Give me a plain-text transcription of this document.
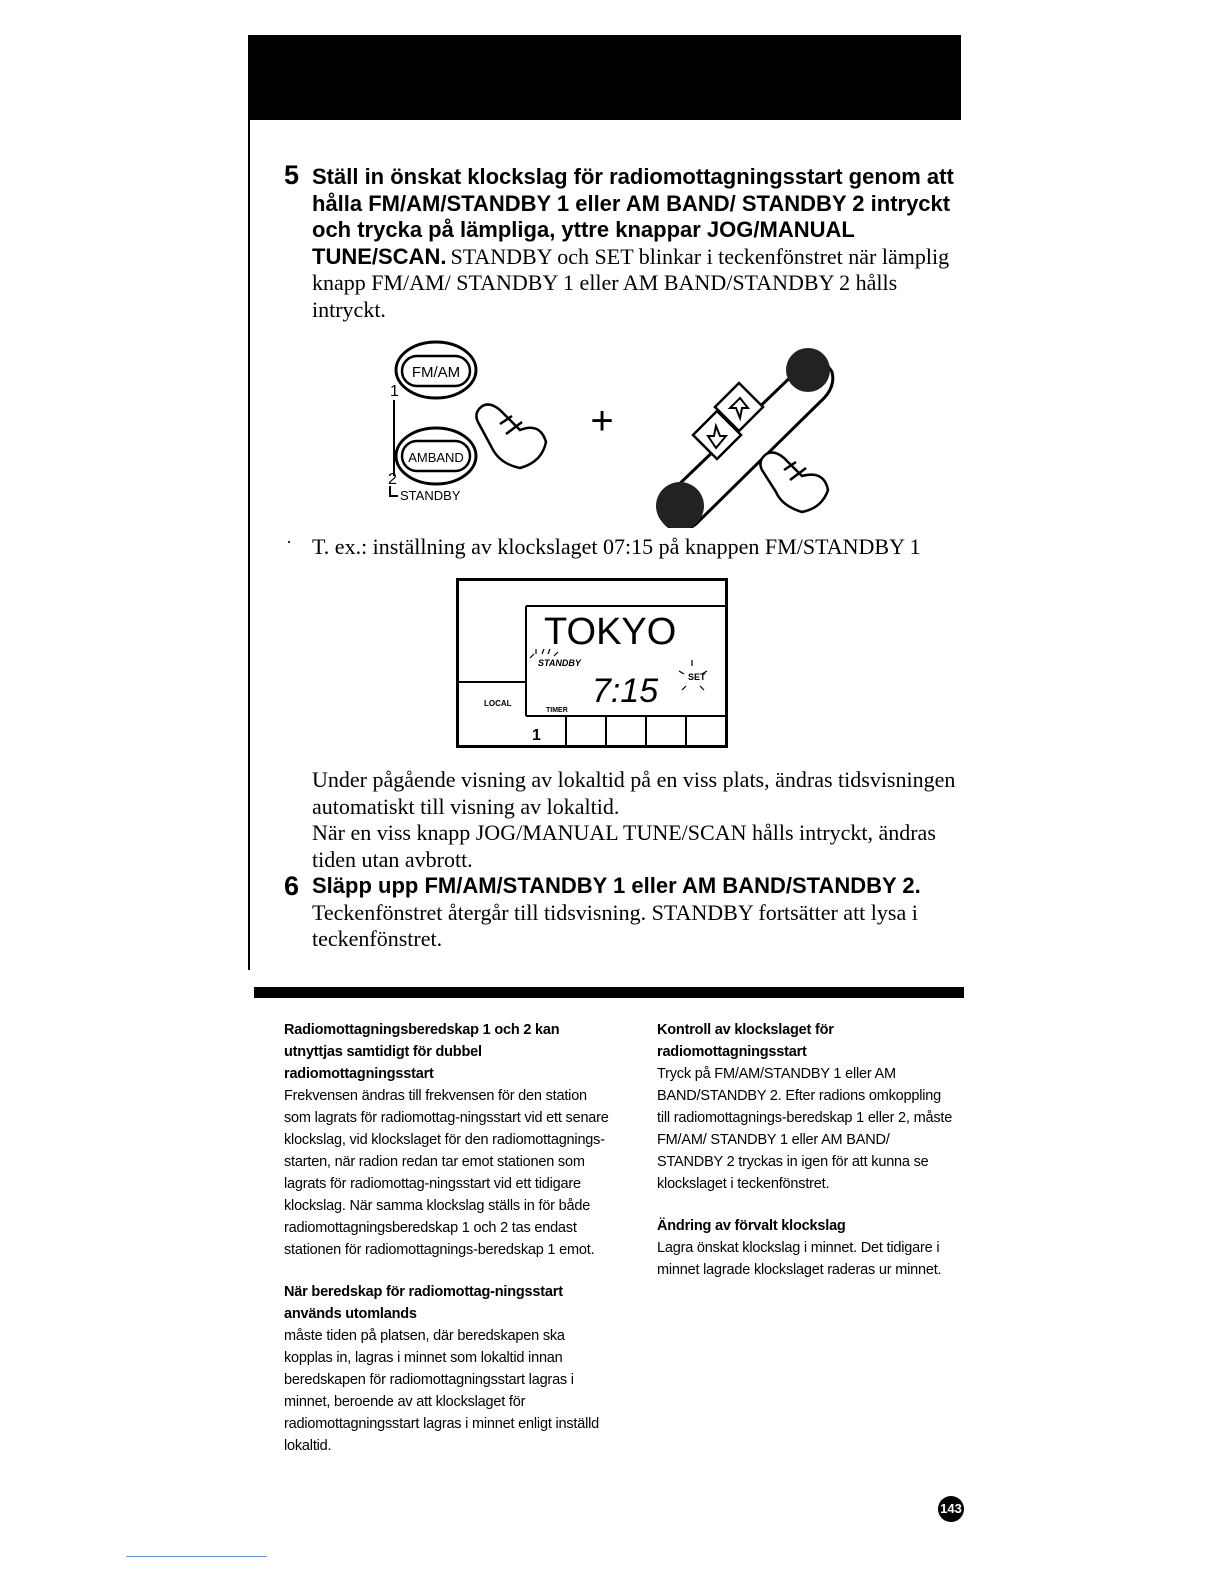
5 Ställ in önskat klockslag för radiomottagningsstart genom att hålla FM/AM/STANDBY 1 eller AM BAND/ STANDBY 2 intryckt och trycka på lämpliga, yttre knappar JOG/MANUAL TUNE/SCAN. STANDBY och SET blinkar i teckenfönstret när lämplig knapp FM/AM/ STANDBY 1 eller AM BAND/STANDBY 2 hålls intryckt.
FM/AM
1
AMBAND
2
STANDBY
+
· T. ex.: inställning av klockslaget 07:15 på knappen FM/STANDBY 1
TOKYO
STANDBY
7:15	SET
LOCAL
TIMER
1
Under pågående visning av lokaltid på en viss plats, ändras tidsvisningen automatiskt till visning av lokaltid.
När en viss knapp JOG/MANUAL TUNE/SCAN hålls intryckt, ändras tiden utan avbrott.
6 Släpp upp FM/AM/STANDBY 1 eller AM BAND/STANDBY 2.
Teckenfönstret återgår till tidsvisning. STANDBY fortsätter att lysa i teckenfönstret.
Radiomottagningsberedskap 1 och 2 kan utnyttjas samtidigt för dubbel radiomottagningsstart

Frekvensen ändras till frekvensen för den station som lagrats för radiomottag-ningsstart vid ett senare klockslag, vid klockslaget för den radiomottagnings-starten, när radion redan tar emot stationen som lagrats för radiomottag-ningsstart vid ett tidigare klockslag. När samma klockslag ställs in för både radiomottagningsberedskap 1 och 2 tas endast stationen för radiomottagnings-beredskap 1 emot.

När beredskap för radiomottag-ningsstart används utomlands

måste tiden på platsen, där beredskapen ska kopplas in, lagras i minnet som lokaltid innan beredskapen för radiomottagningsstart lagras i minnet, beroende av att klockslaget för radiomottagningsstart lagras i minnet enligt inställd lokaltid.

Kontroll av klockslaget för radiomottagningsstart

Tryck på FM/AM/STANDBY 1 eller AM BAND/STANDBY 2. Efter radions omkoppling till radiomottagnings-beredskap 1 eller 2, måste FM/AM/ STANDBY 1 eller AM BAND/ STANDBY 2 tryckas in igen för att kunna se klockslaget i teckenfönstret.

Ändring av förvalt klockslag

Lagra önskat klockslag i minnet. Det tidigare i minnet lagrade klockslaget raderas ur minnet.

143
